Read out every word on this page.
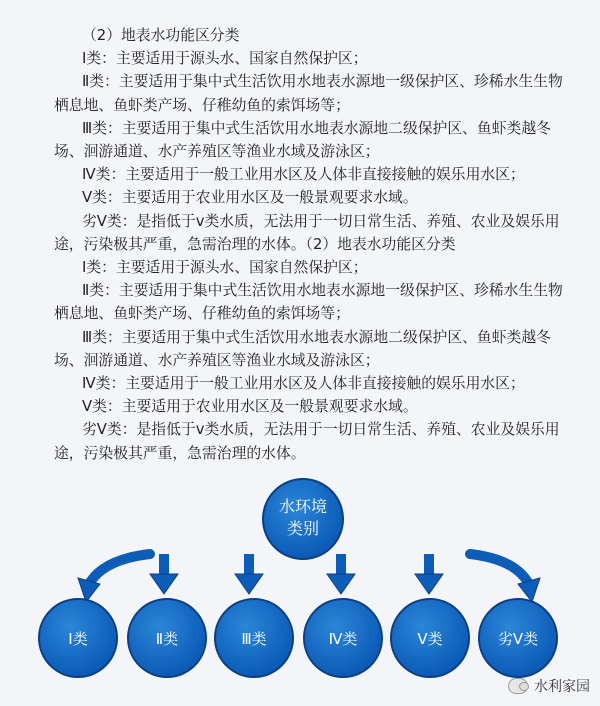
（2）地表水功能区分类

Ⅰ类：主要适用于源头水、国家自然保护区；

Ⅱ类：主要适用于集中式生活饮用水地表水源地一级保护区、珍稀水生生物栖息地、鱼虾类产场、仔稚幼鱼的索饵场等；

Ⅲ类：主要适用于集中式生活饮用水地表水源地二级保护区、鱼虾类越冬场、洄游通道、水产养殖区等渔业水域及游泳区；

Ⅳ类：主要适用于一般工业用水区及人体非直接接触的娱乐用水区；

Ⅴ类：主要适用于农业用水区及一般景观要求水域。

劣Ⅴ类：是指低于v类水质，无法用于一切日常生活、养殖、农业及娱乐用途，污染极其严重，急需治理的水体。（2）地表水功能区分类

Ⅰ类：主要适用于源头水、国家自然保护区；

Ⅱ类：主要适用于集中式生活饮用水地表水源地一级保护区、珍稀水生生物栖息地、鱼虾类产场、仔稚幼鱼的索饵场等；

Ⅲ类：主要适用于集中式生活饮用水地表水源地二级保护区、鱼虾类越冬场、洄游通道、水产养殖区等渔业水域及游泳区；

Ⅳ类：主要适用于一般工业用水区及人体非直接接触的娱乐用水区；

Ⅴ类：主要适用于农业用水区及一般景观要求水域。

劣Ⅴ类：是指低于v类水质，无法用于一切日常生活、养殖、农业及娱乐用途，污染极其严重，急需治理的水体。

水环境
类别
Ⅰ类	Ⅱ类	Ⅲ类	Ⅳ类	Ⅴ类	劣Ⅴ类
水利家园
